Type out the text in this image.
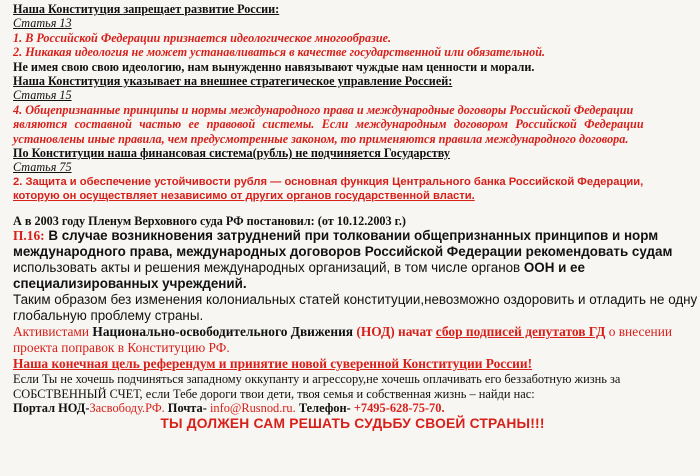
Наша Конституция запрещает развитие России:
Статья 13
1. В Российской Федерации признается идеологическое многообразие.
2. Никакая идеология не может устанавливаться в качестве государственной или обязательной.
Не имея свою свою идеологию, нам вынужденно навязывают чуждые нам ценности и морали.
Наша Конституция указывает на внешнее стратегическое управление Россией:
Статья 15
4. Общепризнанные принципы и нормы международного права и международные договоры Российской Федерации
являются составной частью ее правовой системы. Если международным договором Российской Федерации
установлены иные правила, чем предусмотренные законом, то применяются правила международного договора.
По Конституции наша финансовая система(рубль) не подчиняется Государству
Статья 75
2. Защита и обеспечение устойчивости рубля — основная функция Центрального банка Российской Федерации,
которую он осуществляет независимо от других органов государственной власти.
А в 2003 году Пленум Верховного суда РФ постановил: (от 10.12.2003 г.)
П.16: В случае возникновения затруднений при толковании общепризнанных принципов и норм
международного права, международных договоров Российской Федерации рекомендовать судам
использовать акты и решения международных организаций, в том числе органов ООН и ее
специализированных учреждений.
Таким образом без изменения колониальных статей конституции,невозможно оздоровить и отладить не одну
глобальную проблему страны.
Активистами Национально-освободительного Движения (НОД) начат сбор подписей депутатов ГД о внесении
проекта поправок в Конституцию РФ.
Наша конечная цель референдум и принятие новой суверенной Конституции России!
Если Ты не хочешь подчиняться западному оккупанту и агрессору,не хочешь оплачивать его беззаботную жизнь за
СОБСТВЕННЫЙ СЧЕТ, если Тебе дороги твои дети, твоя семья и собственная жизнь – найди нас:
Портал НОД-Засвободу.РФ. Почта- info@Rusnod.ru. Телефон- +7495-628-75-70.
ТЫ ДОЛЖЕН САМ РЕШАТЬ СУДЬБУ СВОЕЙ СТРАНЫ!!!
